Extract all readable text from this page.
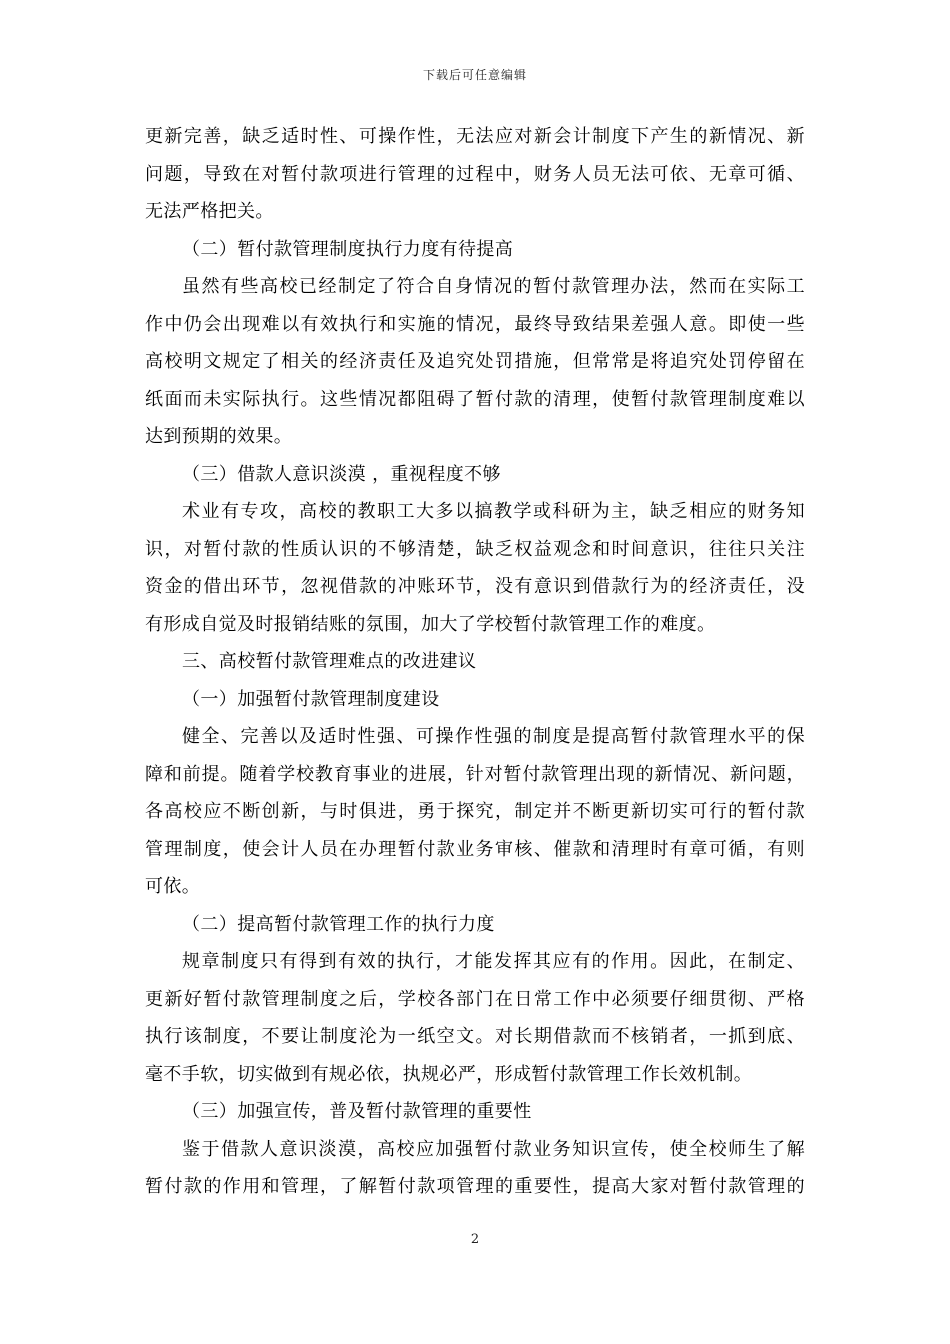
下载后可任意编辑
更新完善，缺乏适时性、可操作性，无法应对新会计制度下产生的新情况、新
问题，导致在对暂付款项进行管理的过程中，财务人员无法可依、无章可循、
无法严格把关。
（二）暂付款管理制度执行力度有待提高
虽然有些高校已经制定了符合自身情况的暂付款管理办法，然而在实际工
作中仍会出现难以有效执行和实施的情况，最终导致结果差强人意。即使一些
高校明文规定了相关的经济责任及追究处罚措施，但常常是将追究处罚停留在
纸面而未实际执行。这些情况都阻碍了暂付款的清理，使暂付款管理制度难以
达到预期的效果。
（三）借款人意识淡漠 ，重视程度不够
术业有专攻，高校的教职工大多以搞教学或科研为主，缺乏相应的财务知
识，对暂付款的性质认识的不够清楚，缺乏权益观念和时间意识，往往只关注
资金的借出环节，忽视借款的冲账环节，没有意识到借款行为的经济责任，没
有形成自觉及时报销结账的氛围，加大了学校暂付款管理工作的难度。
三、高校暂付款管理难点的改进建议
（一）加强暂付款管理制度建设
健全、完善以及适时性强、可操作性强的制度是提高暂付款管理水平的保
障和前提。随着学校教育事业的进展，针对暂付款管理出现的新情况、新问题，
各高校应不断创新，与时俱进，勇于探究，制定并不断更新切实可行的暂付款
管理制度，使会计人员在办理暂付款业务审核、催款和清理时有章可循，有则
可依。
（二）提高暂付款管理工作的执行力度
规章制度只有得到有效的执行，才能发挥其应有的作用。因此，在制定、
更新好暂付款管理制度之后，学校各部门在日常工作中必须要仔细贯彻、严格
执行该制度，不要让制度沦为一纸空文。对长期借款而不核销者，一抓到底、
毫不手软，切实做到有规必依，执规必严，形成暂付款管理工作长效机制。
（三）加强宣传，普及暂付款管理的重要性
鉴于借款人意识淡漠，高校应加强暂付款业务知识宣传，使全校师生了解
暂付款的作用和管理，了解暂付款项管理的重要性，提高大家对暂付款管理的
2
